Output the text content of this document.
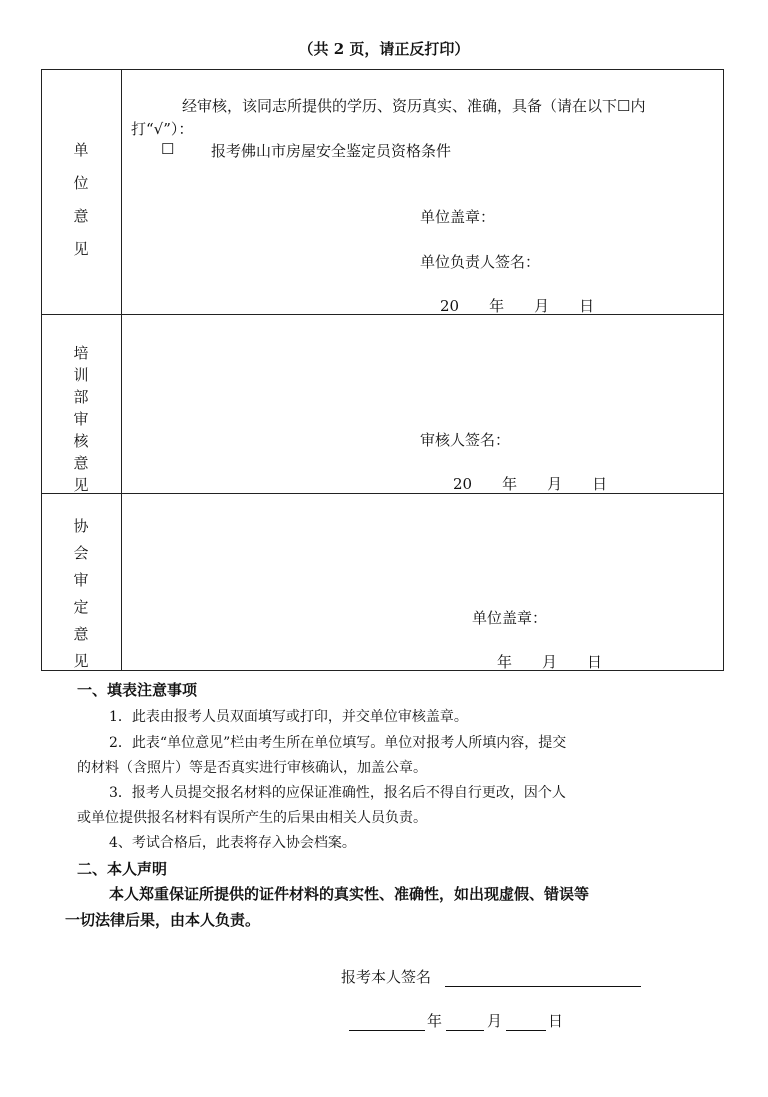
（共 2 页，请正反打印）
单
位
意
见
经审核，该同志所提供的学历、资历真实、准确，具备（请在以下☐内
打“√”）：
☐ 报考佛山市房屋安全鉴定员资格条件
单位盖章：
单位负责人签名：
20　　年　　月　　日
培
训
部
审
核
意
见
审核人签名：
20　　年　　月　　日
协
会
审
定
意
见
单位盖章：
年　　月　　日
一、填表注意事项
1．此表由报考人员双面填写或打印，并交单位审核盖章。
2．此表“单位意见”栏由考生所在单位填写。单位对报考人所填内容，提交
的材料（含照片）等是否真实进行审核确认，加盖公章。
3．报考人员提交报名材料的应保证准确性，报名后不得自行更改，因个人
或单位提供报名材料有误所产生的后果由相关人员负责。
4、考试合格后，此表将存入协会档案。
二、本人声明
本人郑重保证所提供的证件材料的真实性、准确性，如出现虚假、错误等
一切法律后果，由本人负责。
报考本人签名
年	月	日
